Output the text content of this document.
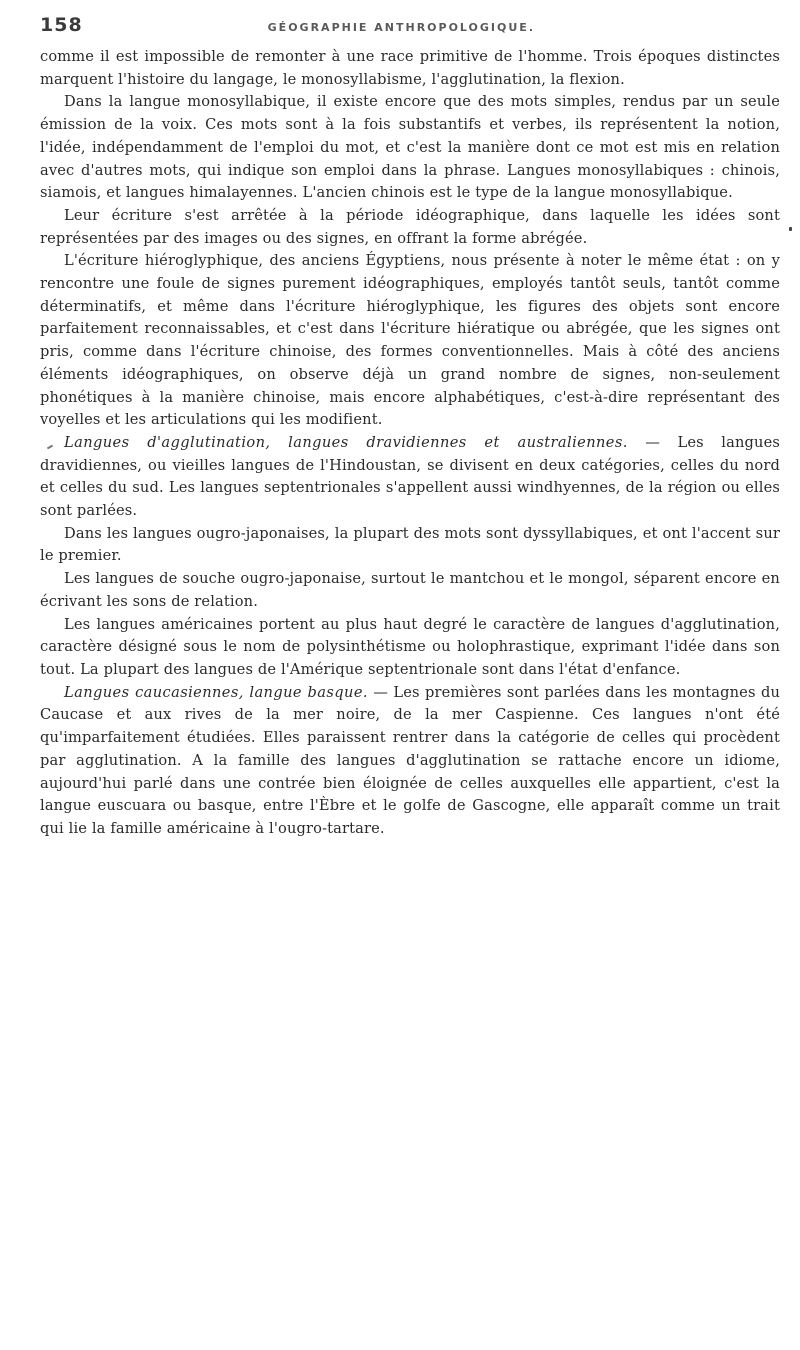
158	GÉOGRAPHIE ANTHROPOLOGIQUE.

comme il est impossible de remonter à une race primitive de l'homme. Trois époques distinctes marquent l'histoire du langage, le monosyllabisme, l'agglutination, la flexion.

Dans la langue monosyllabique, il existe encore que des mots simples, rendus par un seule émission de la voix. Ces mots sont à la fois substantifs et verbes, ils représentent la notion, l'idée, indépendamment de l'emploi du mot, et c'est la manière dont ce mot est mis en relation avec d'autres mots, qui indique son emploi dans la phrase. Langues monosyllabiques : chinois, siamois, et langues himalayennes. L'ancien chinois est le type de la langue monosyllabique.

Leur écriture s'est arrêtée à la période idéographique, dans laquelle les idées sont représentées par des images ou des signes, en offrant la forme abrégée.

L'écriture hiéroglyphique, des anciens Égyptiens, nous présente à noter le même état : on y rencontre une foule de signes purement idéographiques, employés tantôt seuls, tantôt comme déterminatifs, et même dans l'écriture hiéroglyphique, les figures des objets sont encore parfaitement reconnaissables, et c'est dans l'écriture hiératique ou abrégée, que les signes ont pris, comme dans l'écriture chinoise, des formes conventionnelles. Mais à côté des anciens éléments idéographiques, on observe déjà un grand nombre de signes, non-seulement phonétiques à la manière chinoise, mais encore alphabétiques, c'est-à-dire représentant des voyelles et les articulations qui les modifient.

Langues d'agglutination, langues dravidiennes et australiennes. — Les langues dravidiennes, ou vieilles langues de l'Hindoustan, se divisent en deux catégories, celles du nord et celles du sud. Les langues septentrionales s'appellent aussi windhyennes, de la région ou elles sont parlées.

Dans les langues ougro-japonaises, la plupart des mots sont dyssyllabiques, et ont l'accent sur le premier.

Les langues de souche ougro-japonaise, surtout le mantchou et le mongol, séparent encore en écrivant les sons de relation.

Les langues américaines portent au plus haut degré le caractère de langues d'agglutination, caractère désigné sous le nom de polysinthétisme ou holophrastique, exprimant l'idée dans son tout. La plupart des langues de l'Amérique septentrionale sont dans l'état d'enfance.

Langues caucasiennes, langue basque. — Les premières sont parlées dans les montagnes du Caucase et aux rives de la mer noire, de la mer Caspienne. Ces langues n'ont été qu'imparfaitement étudiées. Elles paraissent rentrer dans la catégorie de celles qui procèdent par agglutination. A la famille des langues d'agglutination se rattache encore un idiome, aujourd'hui parlé dans une contrée bien éloignée de celles auxquelles elle appartient, c'est la langue euscuara ou basque, entre l'Èbre et le golfe de Gascogne, elle apparaît comme un trait qui lie la famille américaine à l'ougro-tartare.
